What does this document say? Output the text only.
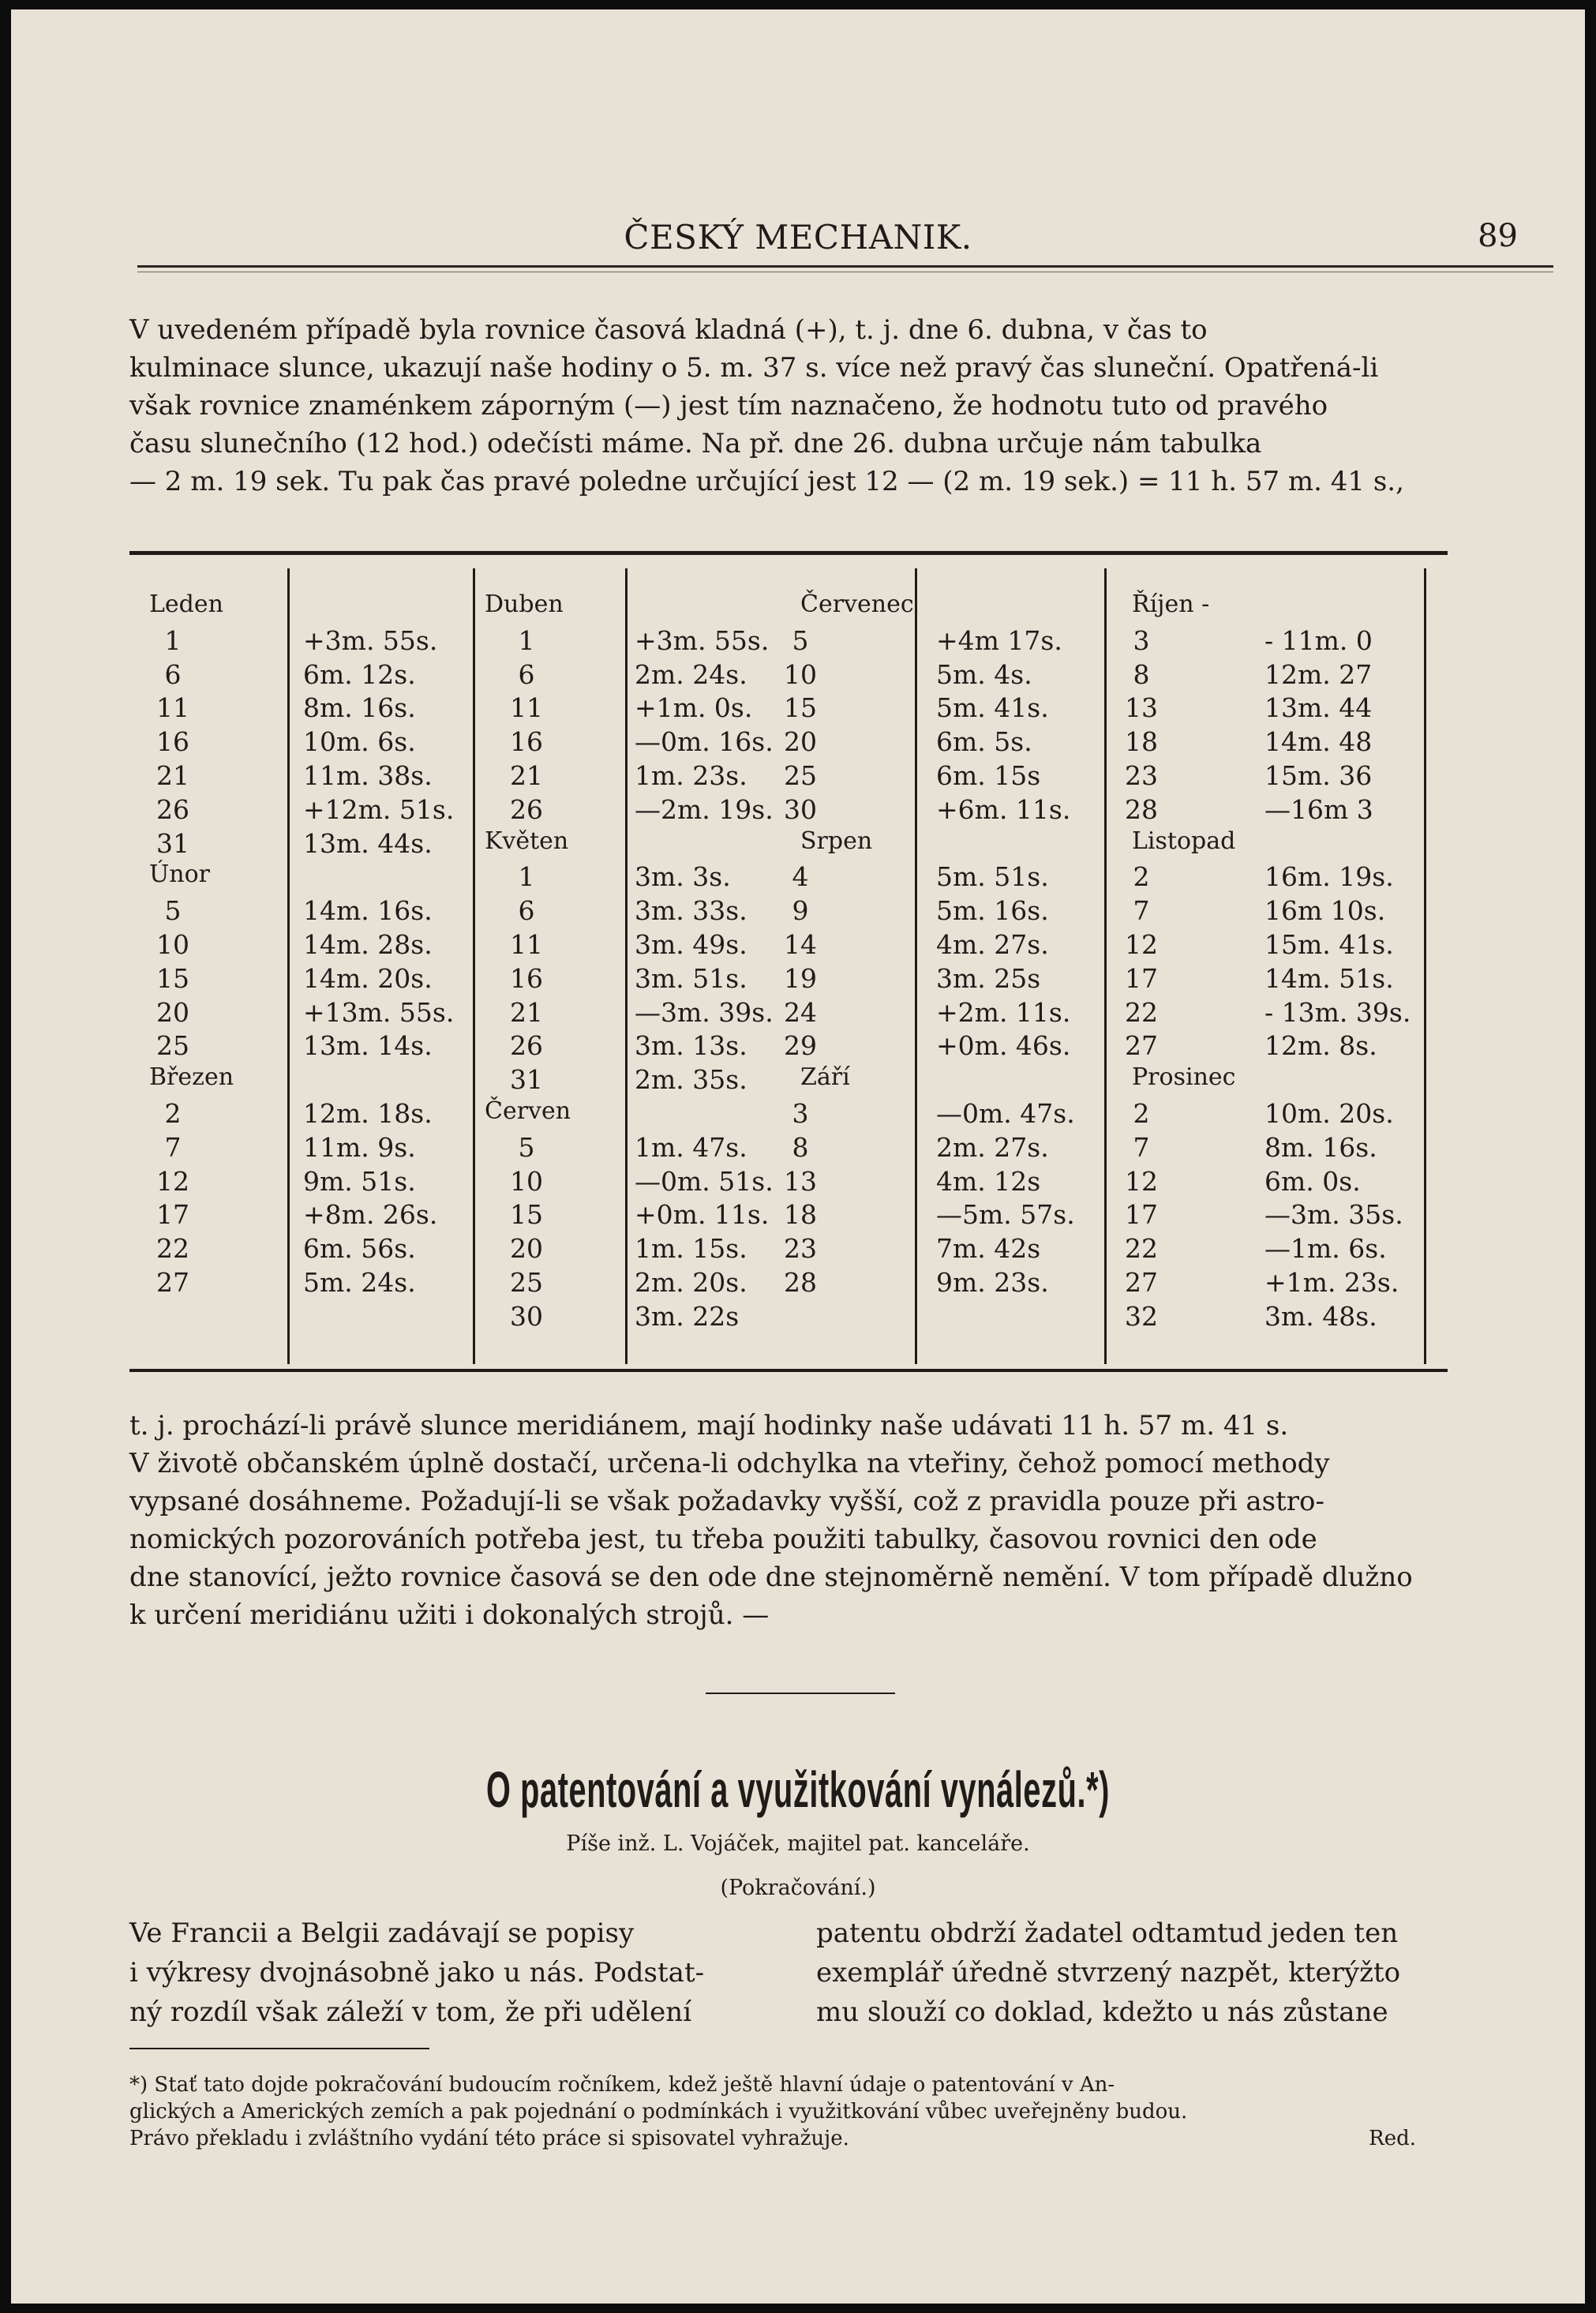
ČESKÝ MECHANIK.	89

V uvedeném případě byla rovnice časová kladná (+), t. j. dne 6. dubna, v čas to

kulminace slunce, ukazují naše hodiny o 5. m. 37 s. více než pravý čas sluneční. Opatřená-li

však rovnice znaménkem záporným (—) jest tím naznačeno, že hodnotu tuto od pravého

času slunečního (12 hod.) odečísti máme. Na př. dne 26. dubna určuje nám tabulka

— 2 m. 19 sek. Tu pak čas pravé poledne určující jest 12 — (2 m. 19 sek.) = 11 h. 57 m. 41 s.,

t. j. prochází-li právě slunce meridiánem, mají hodinky naše udávati 11 h. 57 m. 41 s.

V životě občanském úplně dostačí, určena-li odchylka na vteřiny, čehož pomocí methody

vypsané dosáhneme. Požadují-li se však požadavky vyšší, což z pravidla pouze při astro-

nomických pozorováních potřeba jest, tu třeba použiti tabulky, časovou rovnici den ode

dne stanovící, ježto rovnice časová se den ode dne stejnoměrně nemění. V tom případě dlužno

k určení meridiánu užiti i dokonalých strojů. —

O patentování a využitkování vynálezů.*)
Píše inž. L. Vojáček, majitel pat. kanceláře.
(Pokračování.)

Ve Francii a Belgii zadávají se popisy

i výkresy dvojnásobně jako u nás. Podstat-

ný rozdíl však záleží v tom, že při udělení

patentu obdrží žadatel odtamtud jeden ten

exemplář úředně stvrzený nazpět, kterýžto

mu slouží co doklad, kdežto u nás zůstane

*) Stať tato dojde pokračování budoucím ročníkem, kdež ještě hlavní údaje o patentování v An-

glických a Amerických zemích a pak pojednání o podmínkách i využitkování vůbec uveřejněny budou.

Právo překladu i zvláštního vydání této práce si spisovatel vyhražuje.	Red.
Leden
1	+3m. 55s.
6	6m. 12s.
11	8m. 16s.
16	10m. 6s.
21	11m. 38s.
26	+12m. 51s.
31	13m. 44s.
Únor
5	14m. 16s.
10	14m. 28s.
15	14m. 20s.
20	+13m. 55s.
25	13m. 14s.
Březen
2	12m. 18s.
7	11m. 9s.
12	9m. 51s.
17	+8m. 26s.
22	6m. 56s.
27	5m. 24s.
Duben
1	+3m. 55s.
6	2m. 24s.
11	+1m. 0s.
16	—0m. 16s.
21	1m. 23s.
26	—2m. 19s.
Květen
1	3m. 3s.
6	3m. 33s.
11	3m. 49s.
16	3m. 51s.
21	—3m. 39s.
26	3m. 13s.
31	2m. 35s.
Červen
5	1m. 47s.
10	—0m. 51s.
15	+0m. 11s.
20	1m. 15s.
25	2m. 20s.
30	3m. 22s
Červenec
5	+4m 17s.
10	5m. 4s.
15	5m. 41s.
20	6m. 5s.
25	6m. 15s
30	+6m. 11s.
Srpen
4	5m. 51s.
9	5m. 16s.
14	4m. 27s.
19	3m. 25s
24	+2m. 11s.
29	+0m. 46s.
Září
3	—0m. 47s.
8	2m. 27s.
13	4m. 12s
18	—5m. 57s.
23	7m. 42s
28	9m. 23s.
Říjen -
3	- 11m. 0
8	12m. 27
13	13m. 44
18	14m. 48
23	15m. 36
28	—16m 3
Listopad
2	16m. 19s.
7	16m 10s.
12	15m. 41s.
17	14m. 51s.
22	- 13m. 39s.
27	12m. 8s.
Prosinec
2	10m. 20s.
7	8m. 16s.
12	6m. 0s.
17	—3m. 35s.
22	—1m. 6s.
27	+1m. 23s.
32	3m. 48s.
